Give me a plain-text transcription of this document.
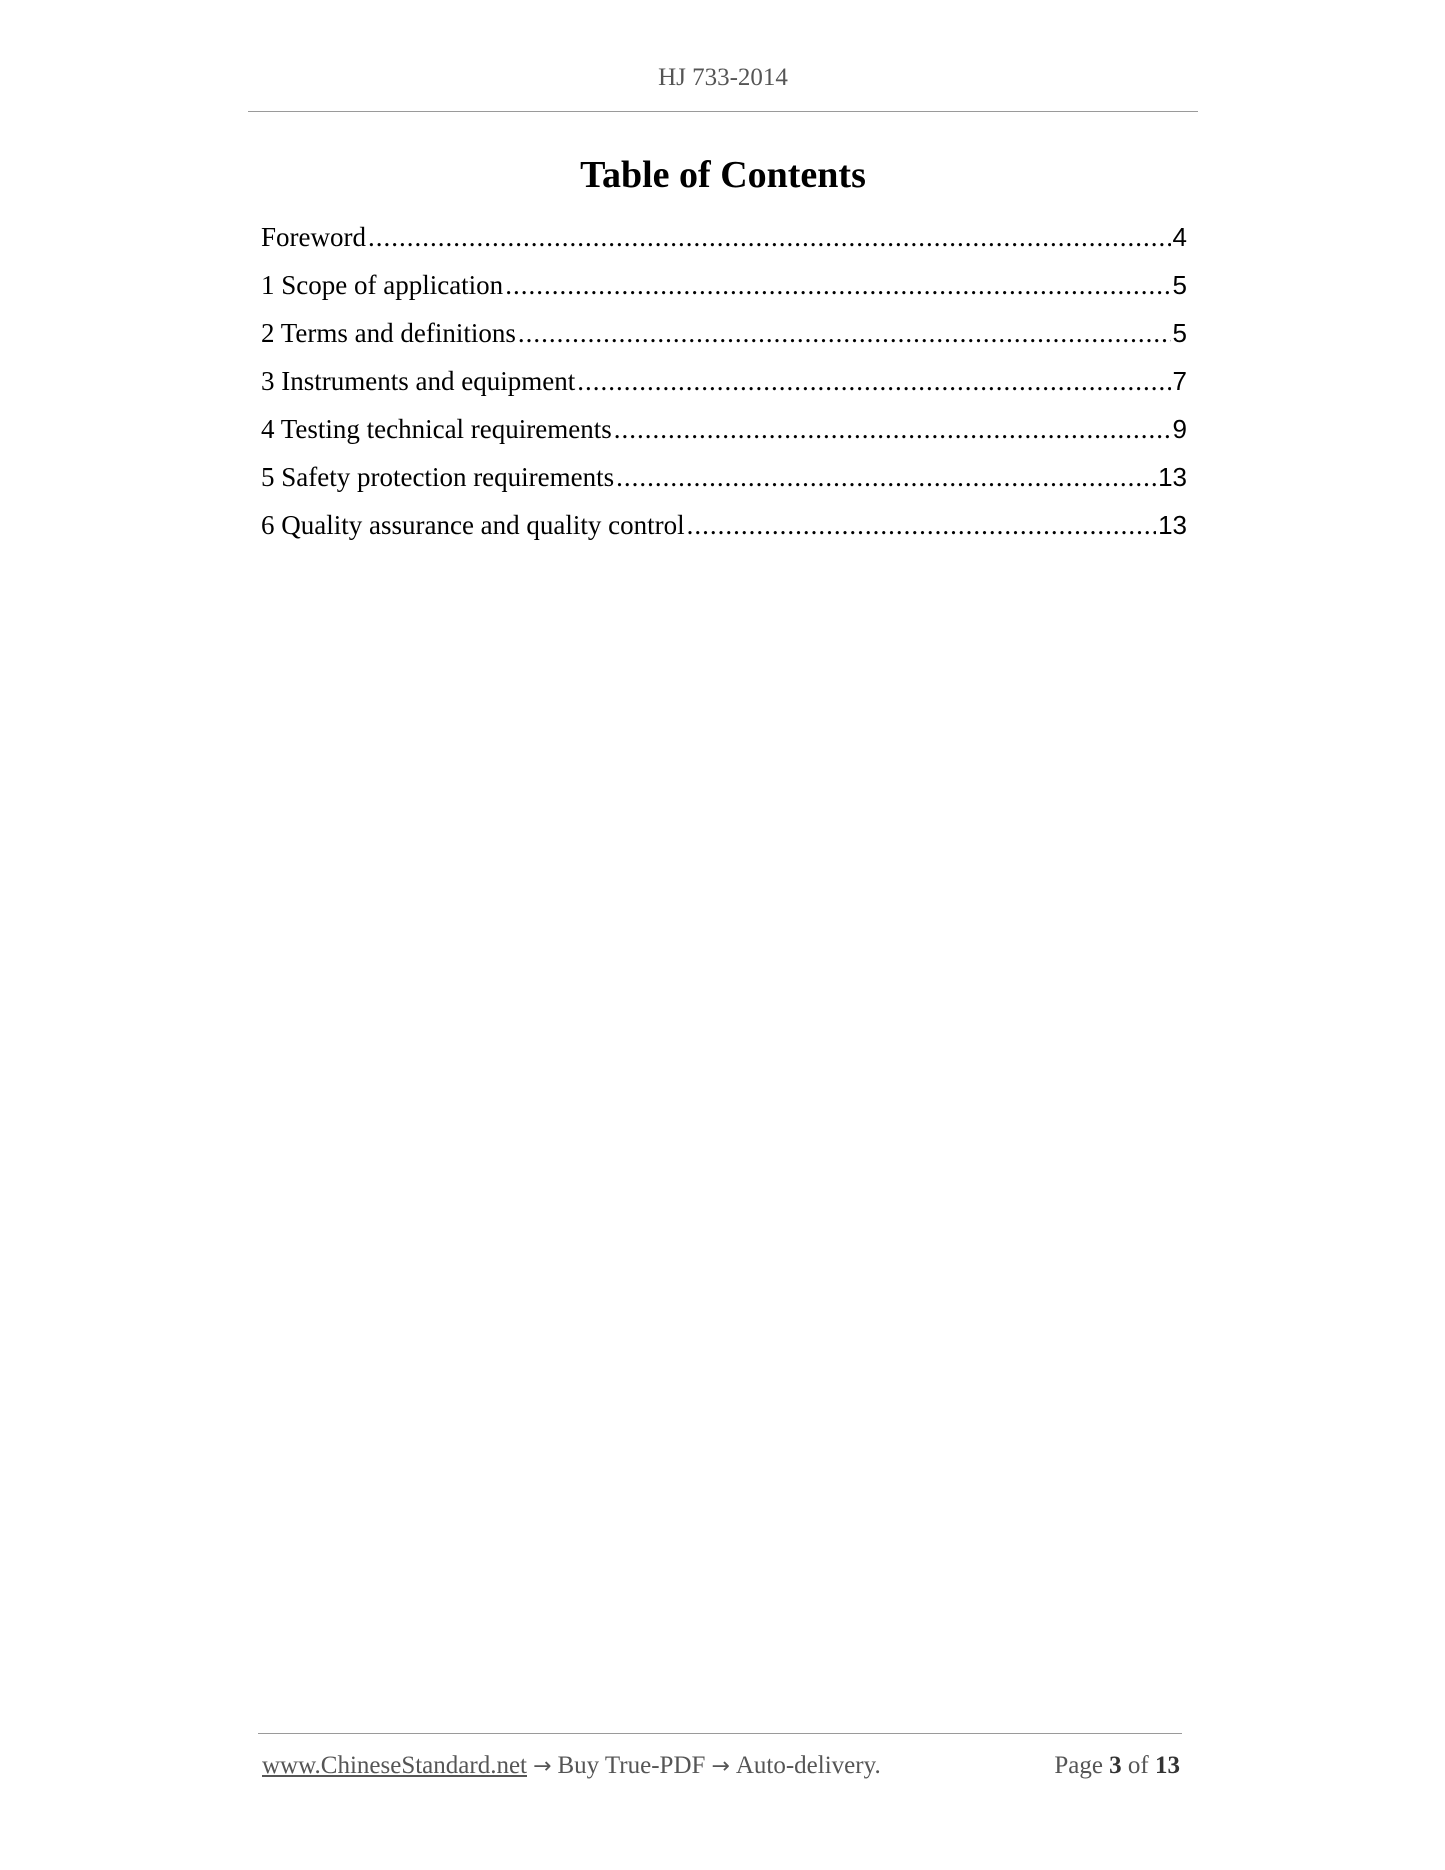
HJ 733-2014
Table of Contents
Foreword .....	4
1 Scope of application .....	5
2 Terms and definitions .....	5
3 Instruments and equipment .....	7
4 Testing technical requirements .....	9
5 Safety protection requirements .....	13
6 Quality assurance and quality control .....	13
www.ChineseStandard.net → Buy True-PDF → Auto-delivery.	Page 3 of 13
